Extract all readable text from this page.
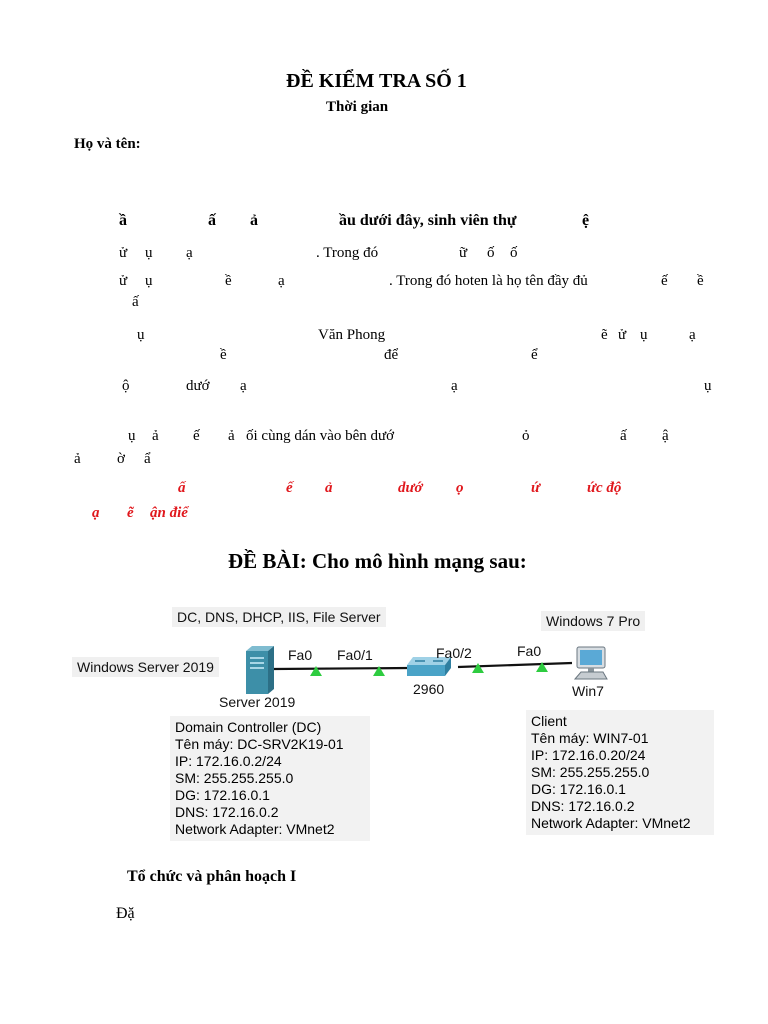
ĐỀ KIỂM TRA SỐ 1
Thời gian
Họ và tên:
ầ	ấ ả	ầu dưới đây, sinh viên thự	ệ
ử ụ ạ	. Trong đó	ữ ố ố
ử ụ	ề	ạ	. Trong đó hoten là họ tên đầy đủ	ế ề
ấ
ụ	Văn Phong	ẽ ử ụ	ạ
ề	để	ể
ộ	dướ ạ	ạ	ụ
ụ ả ế ả ối cùng dán vào bên dướ	ỏ	ấ ậ
ả ờ ẩ
ấ	ế ả	dướ ọ	ứ	ức độ
ạ ẽ ận điể
ĐỀ BÀI: Cho mô hình mạng sau:
DC, DNS, DHCP, IIS, File Server	Windows 7 Pro
Windows Server 2019
Fa0 Fa0/1	Fa0/2	Fa0
Server 2019
2960	Win7
Domain Controller (DC)
Tên máy: DC-SRV2K19-01
IP: 172.16.0.2/24
SM: 255.255.255.0
DG: 172.16.0.1
DNS: 172.16.0.2
Network Adapter: VMnet2
Client
Tên máy: WIN7-01
IP: 172.16.0.20/24
SM: 255.255.255.0
DG: 172.16.0.1
DNS: 172.16.0.2
Network Adapter: VMnet2
Tổ chức và phân hoạch I
Đặ
